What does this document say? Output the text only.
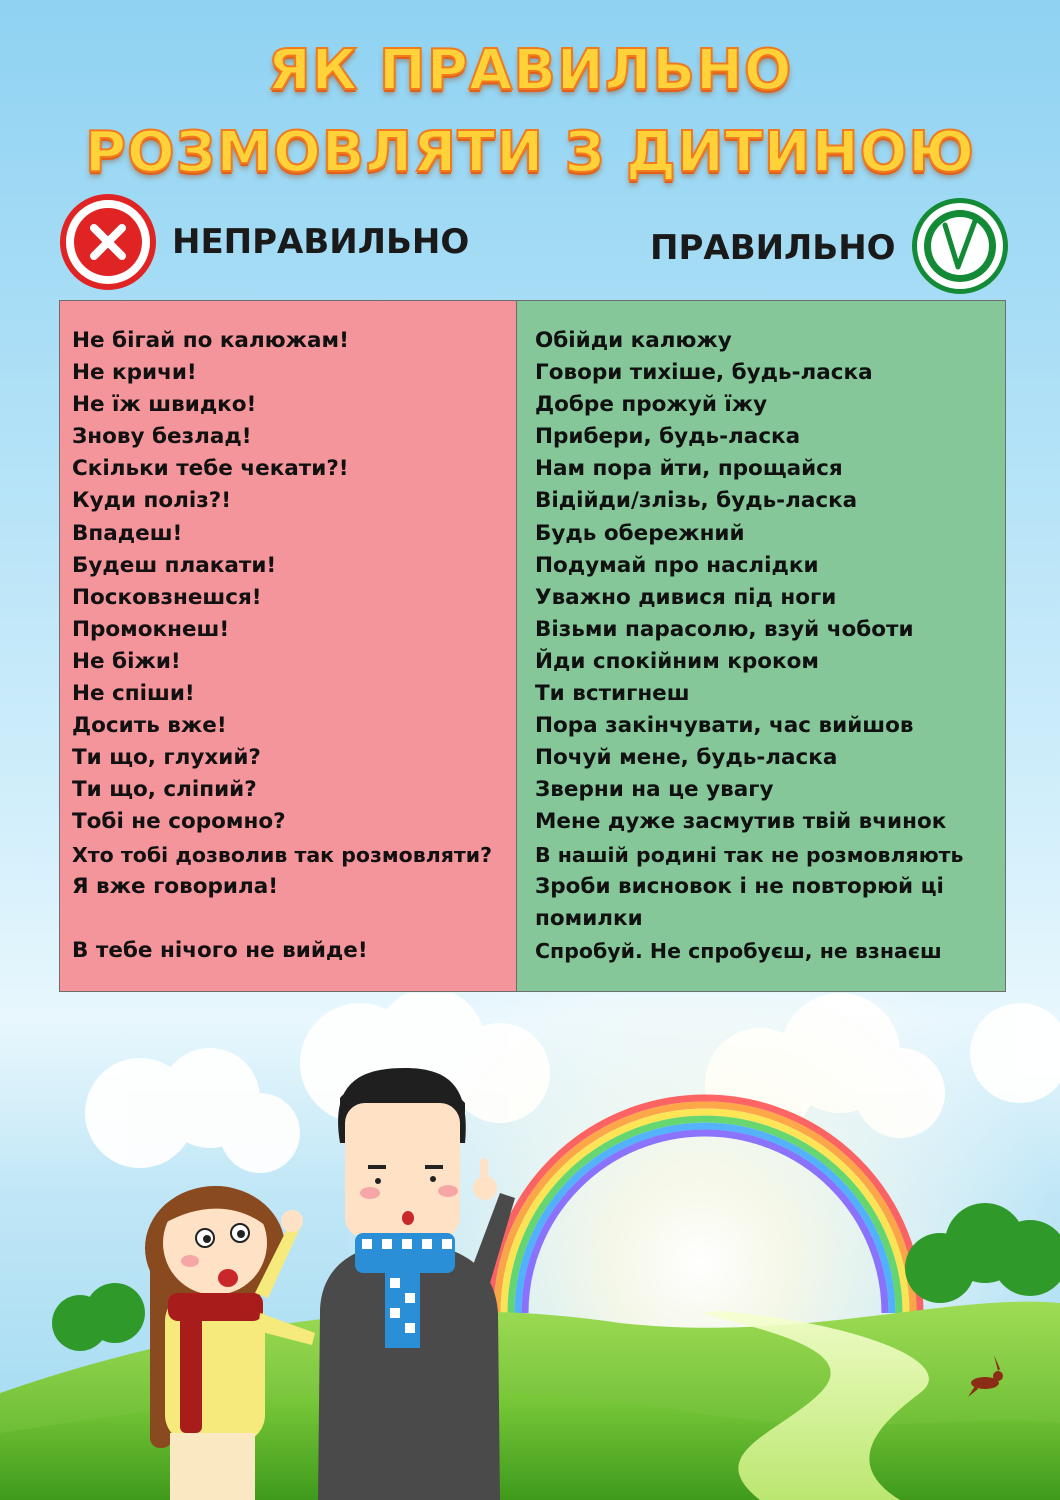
ЯК ПРАВИЛЬНО
РОЗМОВЛЯТИ З ДИТИНОЮ
НЕПРАВИЛЬНО	ПРАВИЛЬНО
Не бігай по калюжам!
Не кричи!
Не їж швидко!
Знову безлад!
Скільки тебе чекати?!
Куди поліз?!
Впадеш!
Будеш плакати!
Посковзнешся!
Промокнеш!
Не біжи!
Не спіши!
Досить вже!
Ти що, глухий?
Ти що, сліпий?
Тобі не соромно?
Хто тобі дозволив так розмовляти?
Я вже говорила!
В тебе нічого не вийде!
Обійди калюжу
Говори тихіше, будь-ласка
Добре прожуй їжу
Прибери, будь-ласка
Нам пора йти, прощайся
Відійди/злізь, будь-ласка
Будь обережний
Подумай про наслідки
Уважно дивися під ноги
Візьми парасолю, взуй чоботи
Йди спокійним кроком
Ти встигнеш
Пора закінчувати, час вийшов
Почуй мене, будь-ласка
Зверни на це увагу
Мене дуже засмутив твій вчинок
В нашій родині так не розмовляють
Зроби висновок і не повторюй ці помилки
Спробуй. Не спробуєш, не взнаєш
